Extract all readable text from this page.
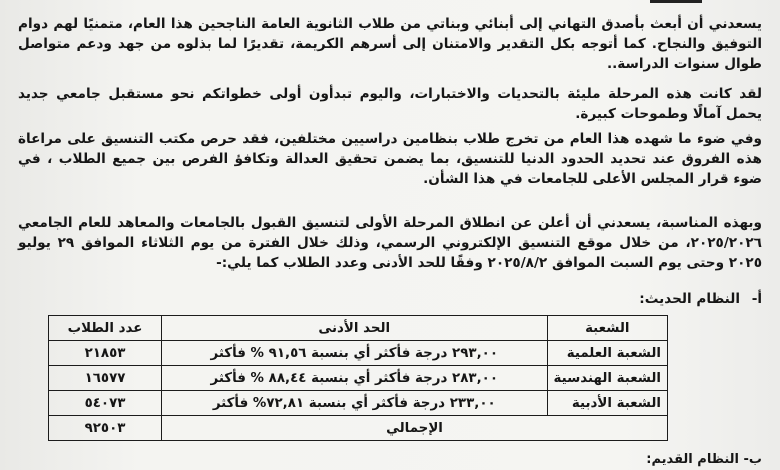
يسعدني أن أبعث بأصدق التهاني إلى أبنائي وبناتي من طلاب الثانوية العامة الناجحين هذا العام، متمنيًا لهم دوام التوفيق والنجاح. كما أتوجه بكل التقدير والامتنان إلى أسرهم الكريمة، تقديرًا لما بذلوه من جهد ودعم متواصل طوال سنوات الدراسة..

لقد كانت هذه المرحلة مليئة بالتحديات والاختبارات، واليوم تبدأون أولى خطواتكم نحو مستقبل جامعي جديد يحمل آمالًا وطموحات كبيرة.

وفي ضوء ما شهده هذا العام من تخرج طلاب بنظامين دراسيين مختلفين، فقد حرص مكتب التنسيق على مراعاة هذه الفروق عند تحديد الحدود الدنيا للتنسيق، بما يضمن تحقيق العدالة وتكافؤ الفرص بين جميع الطلاب ، في ضوء قرار المجلس الأعلى للجامعات في هذا الشأن.

وبهذه المناسبة، يسعدني أن أعلن عن انطلاق المرحلة الأولى لتنسيق القبول بالجامعات والمعاهد للعام الجامعي ٢٠٢٥/٢٠٢٦، من خلال موقع التنسيق الإلكتروني الرسمي، وذلك خلال الفترة من يوم الثلاثاء الموافق ٢٩ يوليو ٢٠٢٥ وحتى يوم السبت الموافق ٢٠٢٥/٨/٢ وفقًا للحد الأدنى وعدد الطلاب كما يلي:-

أ-
النظام الحديث:
الشعبة	الحد الأدنى	عدد الطلاب
الشعبة العلمية	٢٩٣,٠٠ درجة فأكثر أي بنسبة ٩١,٥٦ % فأكثر	٢١٨٥٣
الشعبة الهندسية	٢٨٣,٠٠ درجة فأكثر أي بنسبة ٨٨,٤٤ % فأكثر	١٦٥٧٧
الشعبة الأدبية	٢٣٣,٠٠ درجة فأكثر أي بنسبة ٧٢,٨١% فأكثر	٥٤٠٧٣
الإجمالي		٩٢٥٠٣
ب- النظام القديم:
